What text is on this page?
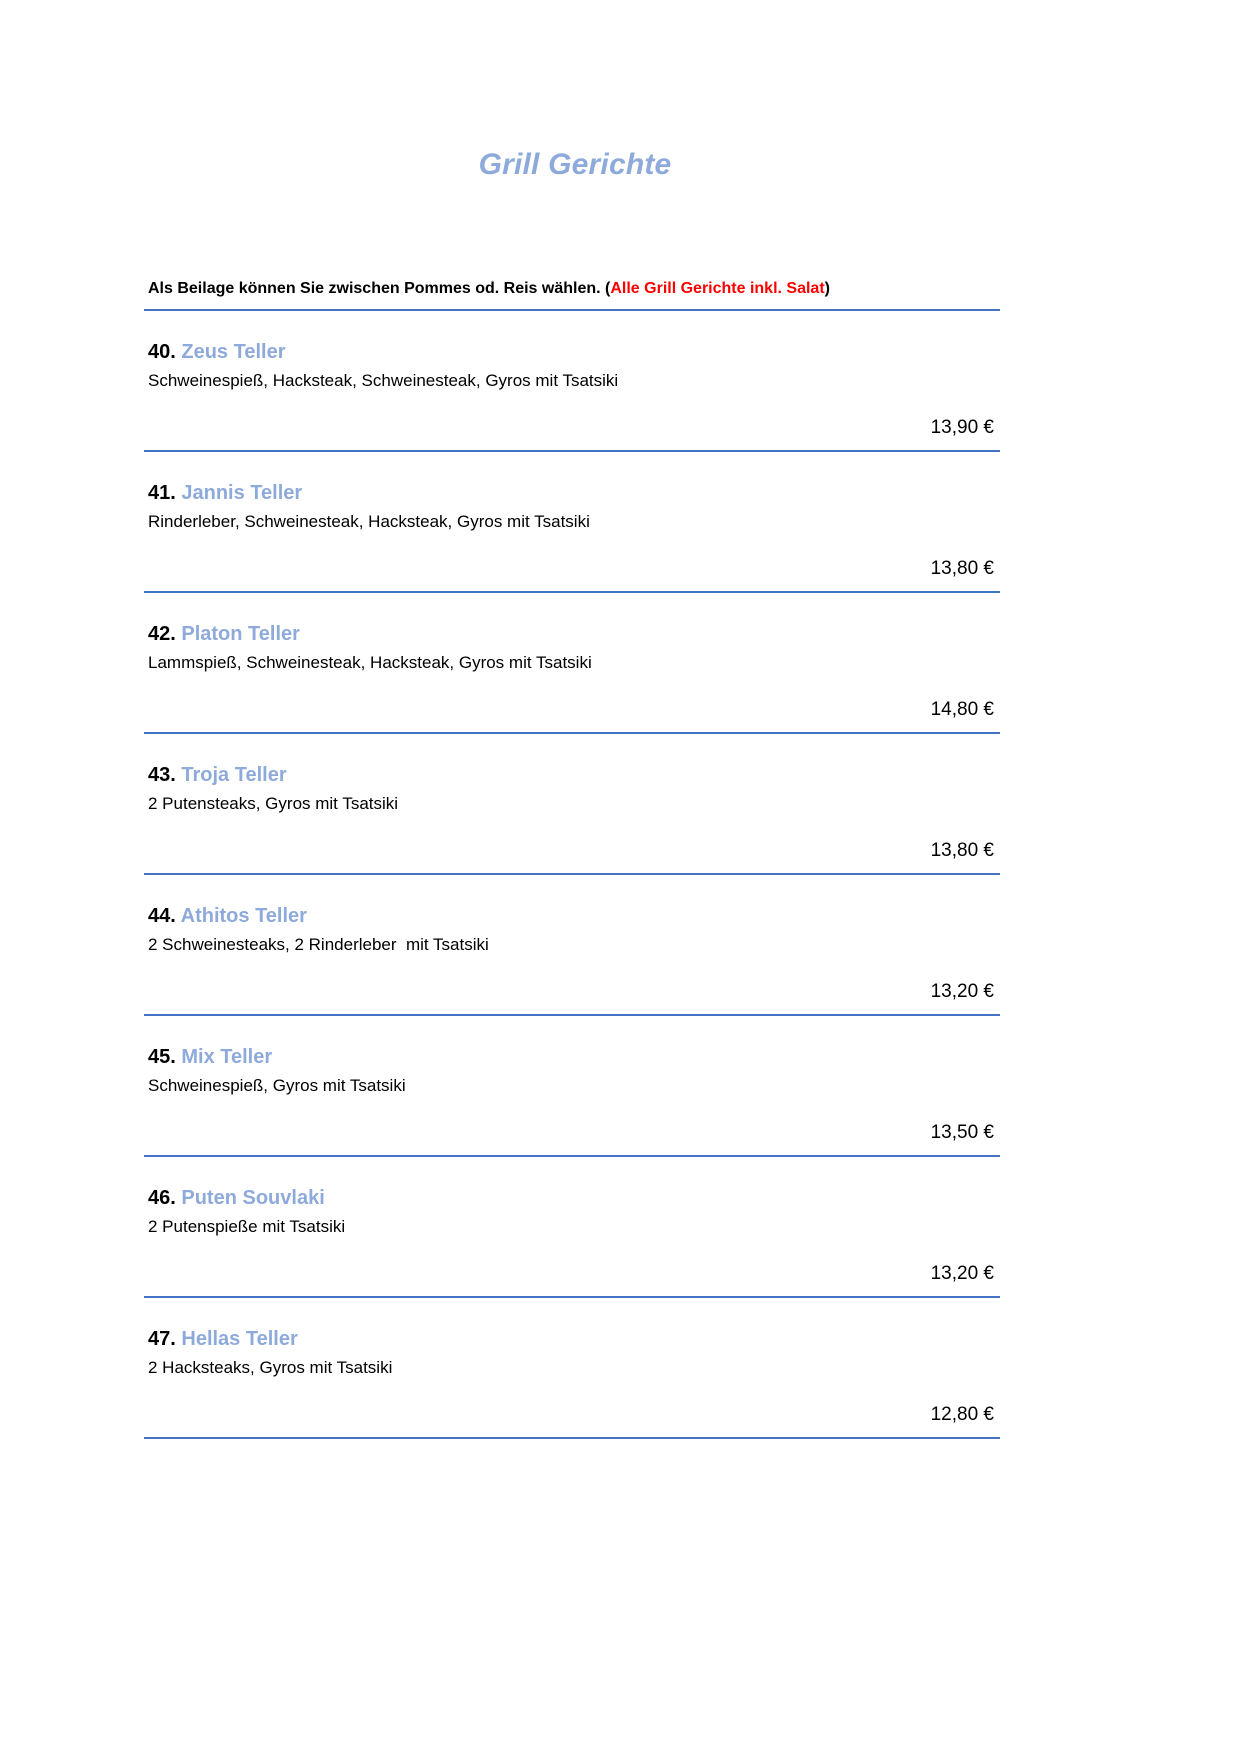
Grill Gerichte
Als Beilage können Sie zwischen Pommes od. Reis wählen. (Alle Grill Gerichte inkl. Salat)
40. Zeus Teller
Schweinespieß, Hacksteak, Schweinesteak, Gyros mit Tsatsiki
13,90 €
41. Jannis Teller
Rinderleber, Schweinesteak, Hacksteak, Gyros mit Tsatsiki
13,80 €
42. Platon Teller
Lammspieß, Schweinesteak, Hacksteak, Gyros mit Tsatsiki
14,80 €
43. Troja Teller
2 Putensteaks, Gyros mit Tsatsiki
13,80 €
44. Athitos Teller
2 Schweinesteaks, 2 Rinderleber  mit Tsatsiki
13,20 €
45. Mix Teller
Schweinespieß, Gyros mit Tsatsiki
13,50 €
46. Puten Souvlaki
2 Putenspieße mit Tsatsiki
13,20 €
47. Hellas Teller
2 Hacksteaks, Gyros mit Tsatsiki
12,80 €
